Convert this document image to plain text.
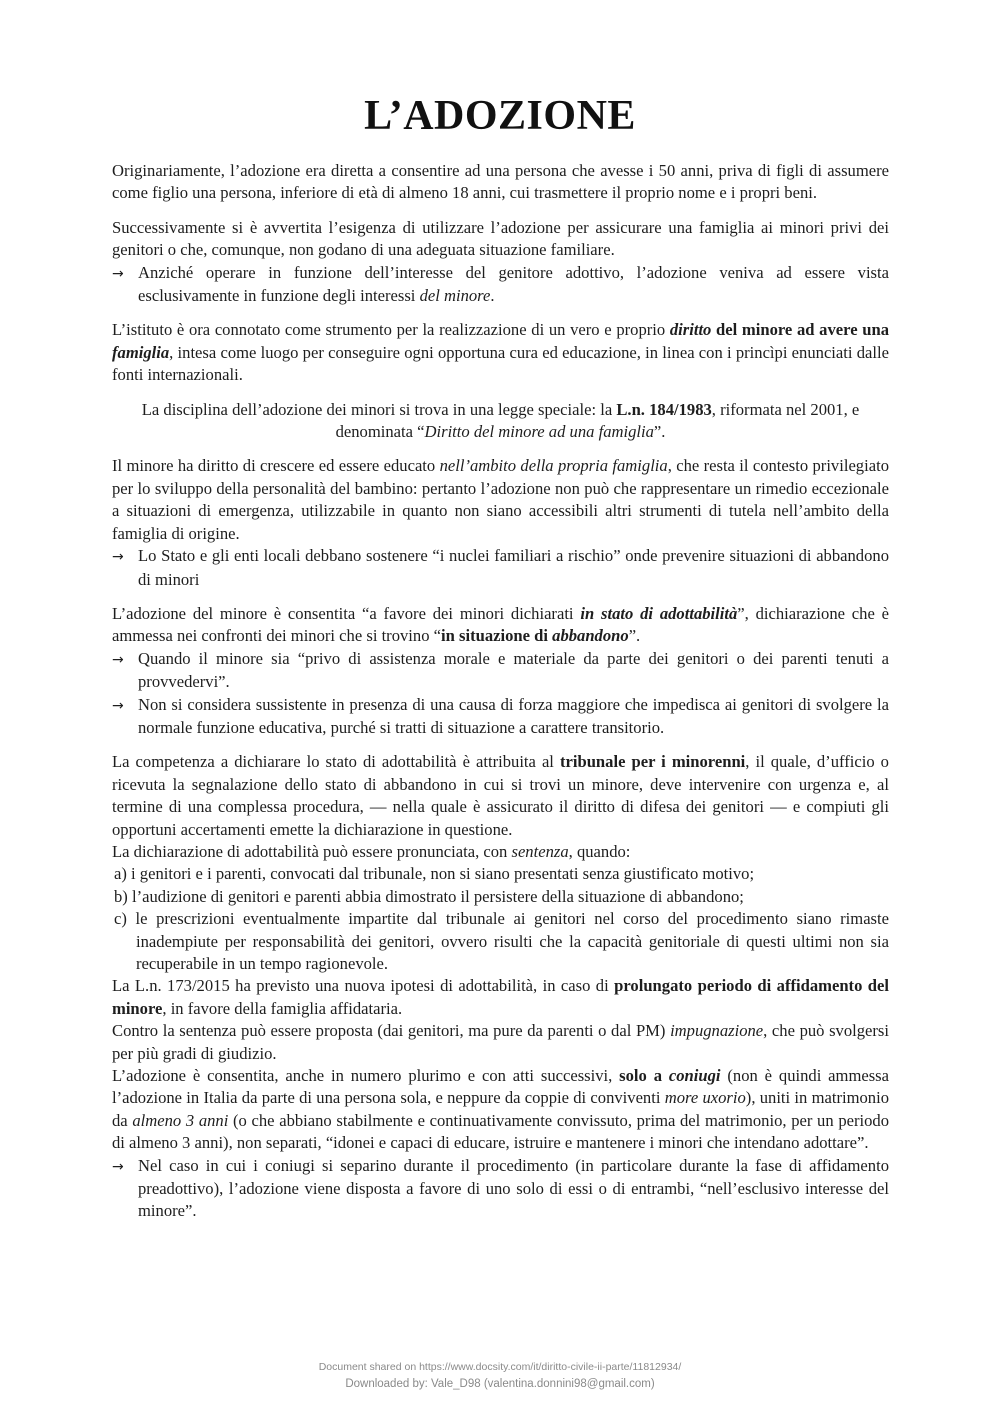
L’ADOZIONE

Originariamente, l’adozione era diretta a consentire ad una persona che avesse i 50 anni, priva di figli di assumere come figlio una persona, inferiore di età di almeno 18 anni, cui trasmettere il proprio nome e i propri beni.

Successivamente si è avvertita l’esigenza di utilizzare l’adozione per assicurare una famiglia ai minori privi dei genitori o che, comunque, non godano di una adeguata situazione familiare.

→ Anziché operare in funzione dell’interesse del genitore adottivo, l’adozione veniva ad essere vista esclusivamente in funzione degli interessi del minore.

L’istituto è ora connotato come strumento per la realizzazione di un vero e proprio diritto del minore ad avere una famiglia, intesa come luogo per conseguire ogni opportuna cura ed educazione, in linea con i princìpi enunciati dalle fonti internazionali.

La disciplina dell’adozione dei minori si trova in una legge speciale: la L.n. 184/1983, riformata nel 2001, e denominata “Diritto del minore ad una famiglia”.

Il minore ha diritto di crescere ed essere educato nell’ambito della propria famiglia, che resta il contesto privilegiato per lo sviluppo della personalità del bambino: pertanto l’adozione non può che rappresentare un rimedio eccezionale a situazioni di emergenza, utilizzabile in quanto non siano accessibili altri strumenti di tutela nell’ambito della famiglia di origine.

→ Lo Stato e gli enti locali debbano sostenere “i nuclei familiari a rischio” onde prevenire situazioni di abbandono di minori

L’adozione del minore è consentita “a favore dei minori dichiarati in stato di adottabilità”, dichiarazione che è ammessa nei confronti dei minori che si trovino “in situazione di abbandono”.

→ Quando il minore sia “privo di assistenza morale e materiale da parte dei genitori o dei parenti tenuti a provvedervi”.

→ Non si considera sussistente in presenza di una causa di forza maggiore che impedisca ai genitori di svolgere la normale funzione educativa, purché si tratti di situazione a carattere transitorio.

La competenza a dichiarare lo stato di adottabilità è attribuita al tribunale per i minorenni, il quale, d’ufficio o ricevuta la segnalazione dello stato di abbandono in cui si trovi un minore, deve intervenire con urgenza e, al termine di una complessa procedura, — nella quale è assicurato il diritto di difesa dei genitori — e compiuti gli opportuni accertamenti emette la dichiarazione in questione.

La dichiarazione di adottabilità può essere pronunciata, con sentenza, quando:

a) i genitori e i parenti, convocati dal tribunale, non si siano presentati senza giustificato motivo;

b) l’audizione di genitori e parenti abbia dimostrato il persistere della situazione di abbandono;

c) le prescrizioni eventualmente impartite dal tribunale ai genitori nel corso del procedimento siano rimaste inadempiute per responsabilità dei genitori, ovvero risulti che la capacità genitoriale di questi ultimi non sia recuperabile in un tempo ragionevole.

La L.n. 173/2015 ha previsto una nuova ipotesi di adottabilità, in caso di prolungato periodo di affidamento del minore, in favore della famiglia affidataria.

Contro la sentenza può essere proposta (dai genitori, ma pure da parenti o dal PM) impugnazione, che può svolgersi per più gradi di giudizio.

L’adozione è consentita, anche in numero plurimo e con atti successivi, solo a coniugi (non è quindi ammessa l’adozione in Italia da parte di una persona sola, e neppure da coppie di conviventi more uxorio), uniti in matrimonio da almeno 3 anni (o che abbiano stabilmente e continuativamente convissuto, prima del matrimonio, per un periodo di almeno 3 anni), non separati, “idonei e capaci di educare, istruire e mantenere i minori che intendano adottare”.

→ Nel caso in cui i coniugi si separino durante il procedimento (in particolare durante la fase di affidamento preadottivo), l’adozione viene disposta a favore di uno solo di essi o di entrambi, “nell’esclusivo interesse del minore”.

Document shared on https://www.docsity.com/it/diritto-civile-ii-parte/11812934/
Downloaded by: Vale_D98 (valentina.donnini98@gmail.com)
